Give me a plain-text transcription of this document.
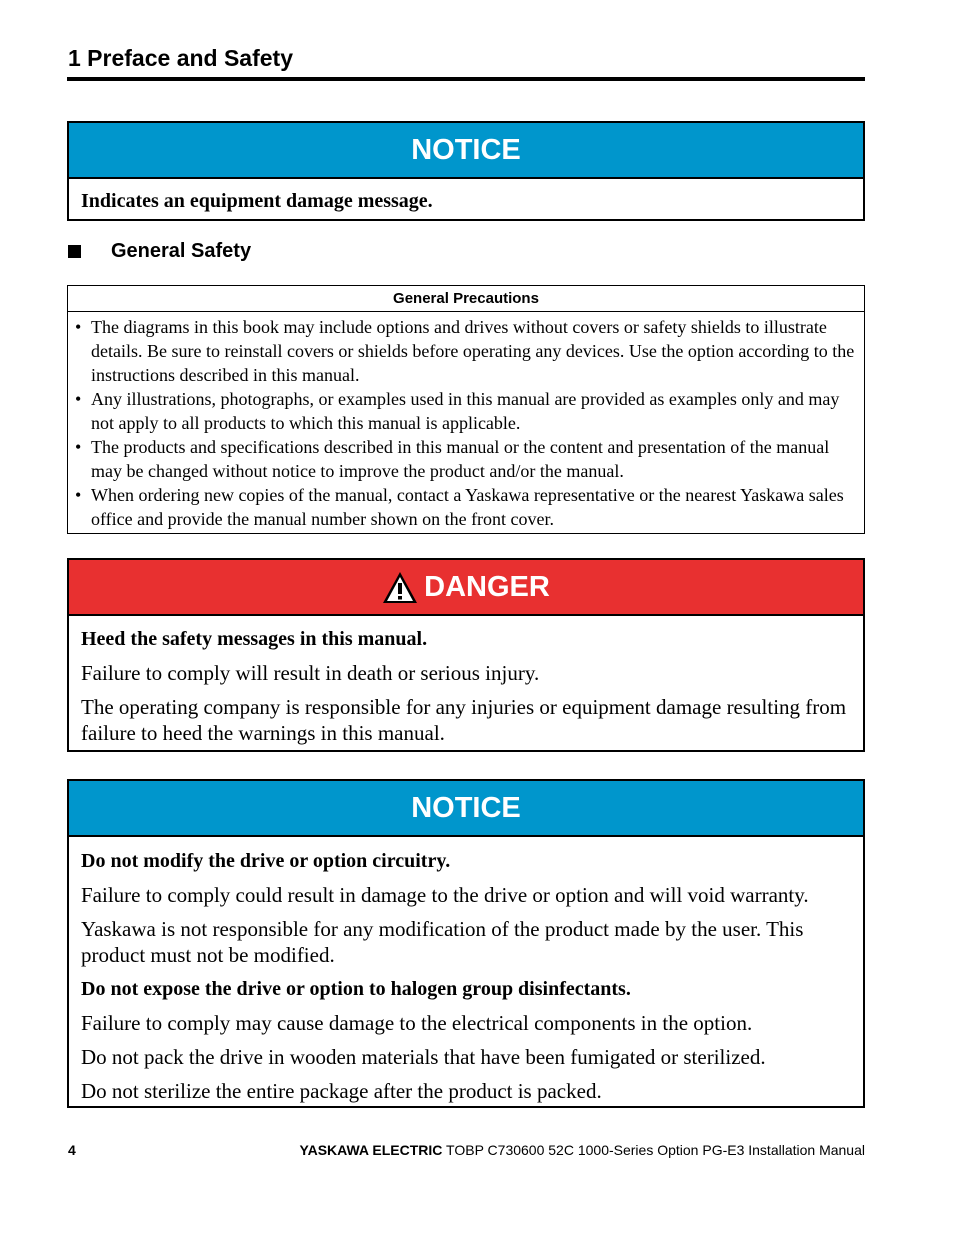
1 Preface and Safety
NOTICE

Indicates an equipment damage message.

General Safety
General Precautions
• The diagrams in this book may include options and drives without covers or safety shields to illustrate details. Be sure to reinstall covers or shields before operating any devices. Use the option according to the instructions described in this manual.
• Any illustrations, photographs, or examples used in this manual are provided as examples only and may not apply to all products to which this manual is applicable.
• The products and specifications described in this manual or the content and presentation of the manual may be changed without notice to improve the product and/or the manual.
• When ordering new copies of the manual, contact a Yaskawa representative or the nearest Yaskawa sales office and provide the manual number shown on the front cover.
DANGER

Heed the safety messages in this manual.

Failure to comply will result in death or serious injury.

The operating company is responsible for any injuries or equipment damage resulting from failure to heed the warnings in this manual.

NOTICE

Do not modify the drive or option circuitry.

Failure to comply could result in damage to the drive or option and will void warranty.

Yaskawa is not responsible for any modification of the product made by the user. This product must not be modified.

Do not expose the drive or option to halogen group disinfectants.

Failure to comply may cause damage to the electrical components in the option.

Do not pack the drive in wooden materials that have been fumigated or sterilized.

Do not sterilize the entire package after the product is packed.

4	YASKAWA ELECTRIC TOBP C730600 52C 1000-Series Option PG-E3 Installation Manual
